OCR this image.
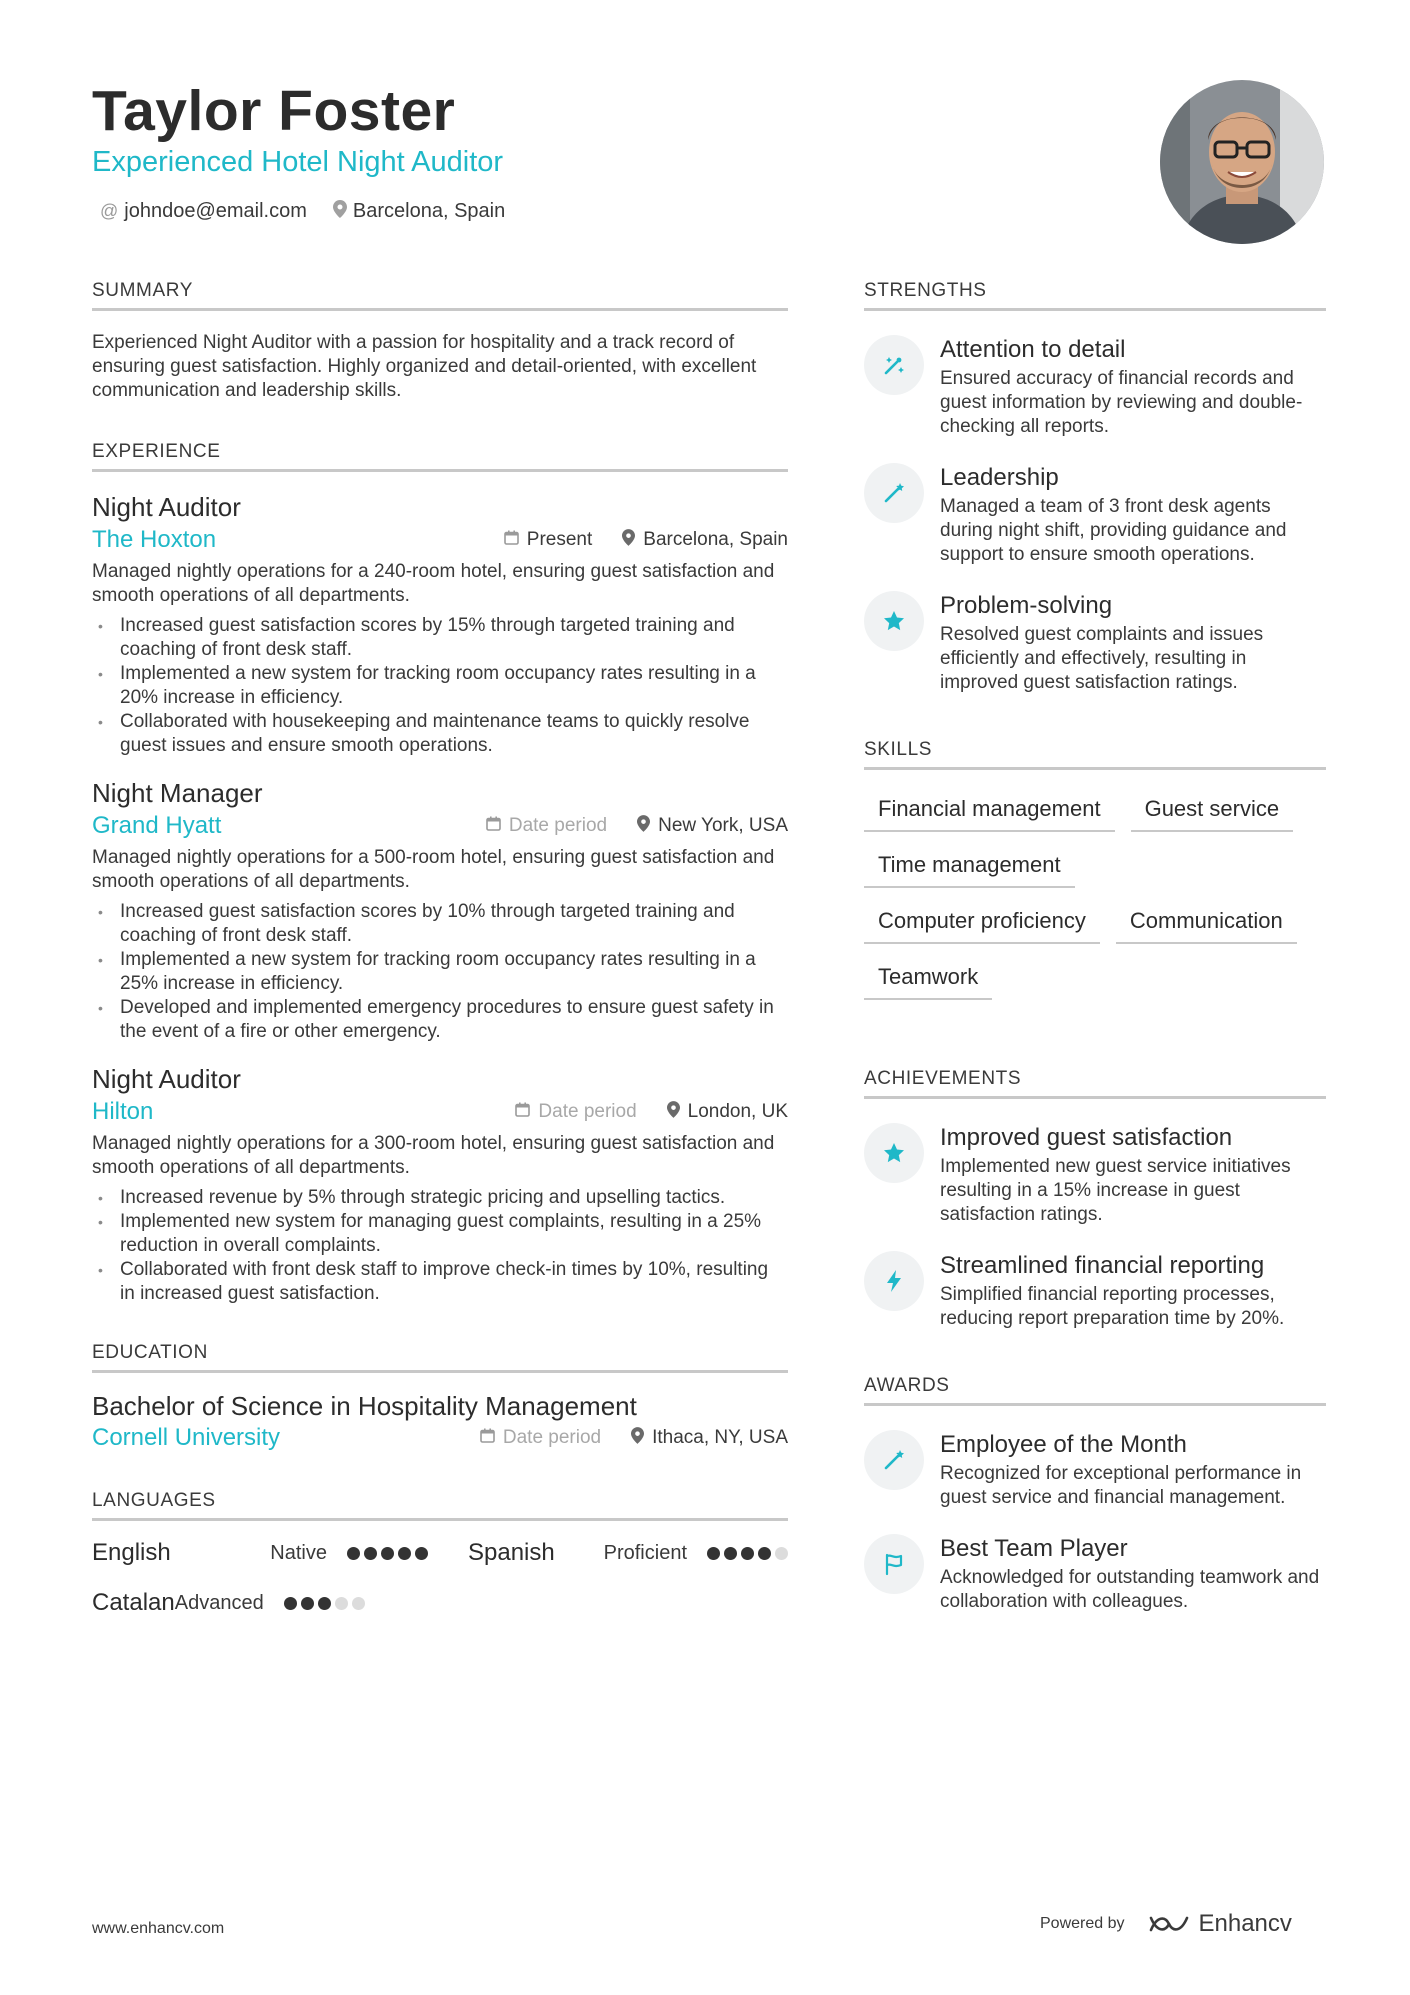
Taylor Foster
Experienced Hotel Night Auditor
@ johndoe@email.com Barcelona, Spain
SUMMARY
Experienced Night Auditor with a passion for hospitality and a track record of ensuring guest satisfaction. Highly organized and detail-oriented, with excellent communication and leadership skills.
EXPERIENCE
Night Auditor
The Hoxton	Present	Barcelona, Spain
Managed nightly operations for a 240-room hotel, ensuring guest satisfaction and smooth operations of all departments.
• Increased guest satisfaction scores by 15% through targeted training and coaching of front desk staff.
• Implemented a new system for tracking room occupancy rates resulting in a 20% increase in efficiency.
• Collaborated with housekeeping and maintenance teams to quickly resolve guest issues and ensure smooth operations.
Night Manager
Grand Hyatt	Date period	New York, USA
Managed nightly operations for a 500-room hotel, ensuring guest satisfaction and smooth operations of all departments.
• Increased guest satisfaction scores by 10% through targeted training and coaching of front desk staff.
• Implemented a new system for tracking room occupancy rates resulting in a 25% increase in efficiency.
• Developed and implemented emergency procedures to ensure guest safety in the event of a fire or other emergency.
Night Auditor
Hilton	Date period	London, UK
Managed nightly operations for a 300-room hotel, ensuring guest satisfaction and smooth operations of all departments.
• Increased revenue by 5% through strategic pricing and upselling tactics.
• Implemented new system for managing guest complaints, resulting in a 25% reduction in overall complaints.
• Collaborated with front desk staff to improve check-in times by 10%, resulting in increased guest satisfaction.
EDUCATION
Bachelor of Science in Hospitality Management
Cornell University	Date period	Ithaca, NY, USA
LANGUAGES
English	Native	Spanish Proficient
Catalan Advanced
STRENGTHS
Attention to detail
Ensured accuracy of financial records and guest information by reviewing and double-checking all reports.
Leadership
Managed a team of 3 front desk agents during night shift, providing guidance and support to ensure smooth operations.
Problem-solving
Resolved guest complaints and issues efficiently and effectively, resulting in improved guest satisfaction ratings.
SKILLS
Financial management	Guest service
Time management
Computer proficiency	Communication
Teamwork
ACHIEVEMENTS
Improved guest satisfaction
Implemented new guest service initiatives resulting in a 15% increase in guest satisfaction ratings.
Streamlined financial reporting
Simplified financial reporting processes, reducing report preparation time by 20%.
AWARDS
Employee of the Month
Recognized for exceptional performance in guest service and financial management.
Best Team Player
Acknowledged for outstanding teamwork and collaboration with colleagues.
www.enhancv.com	Powered by	Enhancv
